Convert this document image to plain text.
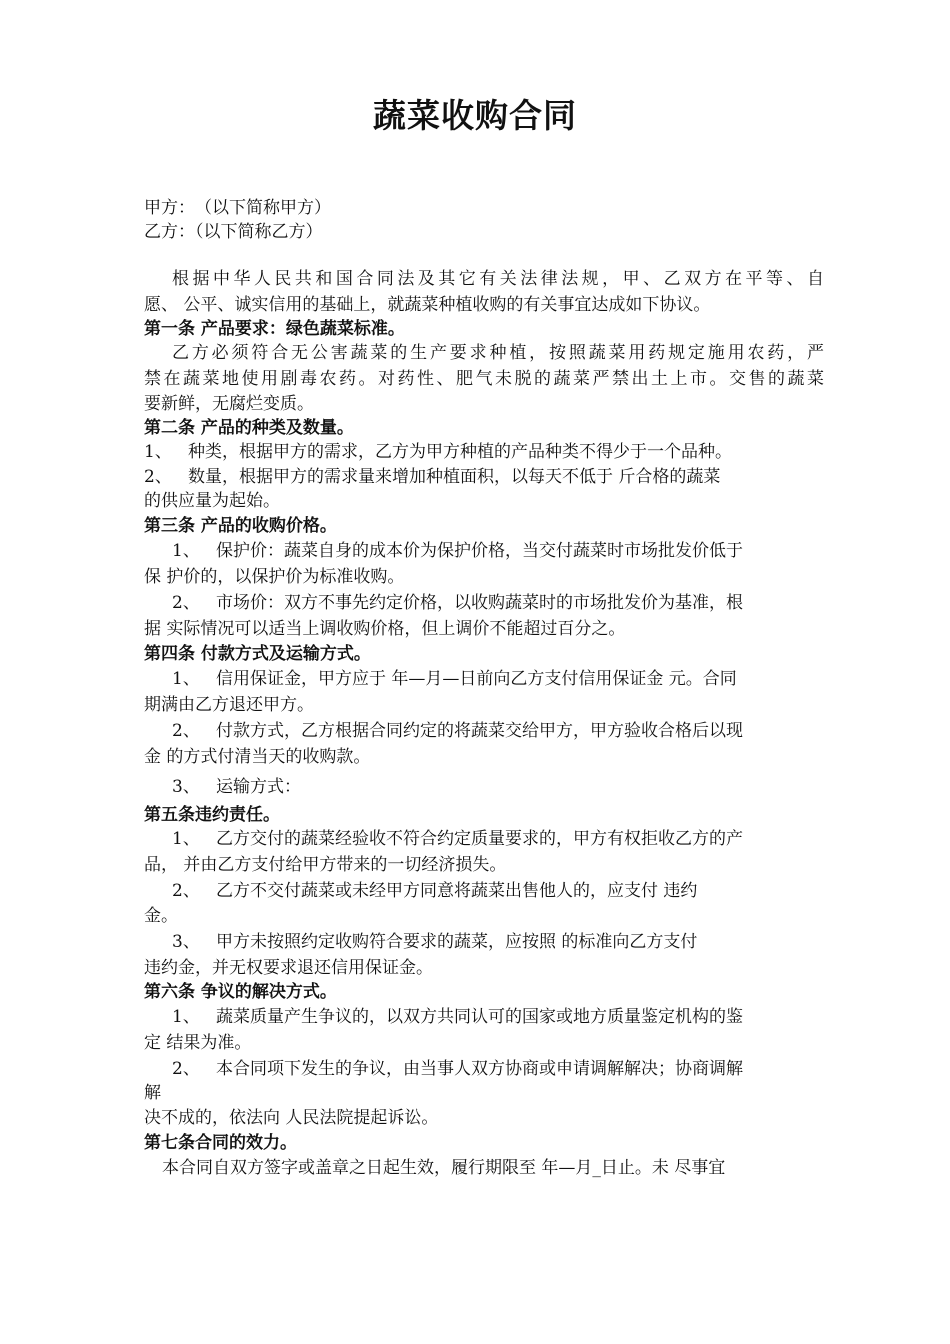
蔬菜收购合同
甲方：　（以下简称甲方）
乙方：（以下简称乙方）
根据中华人民共和国合同法及其它有关法律法规，甲、乙双方在平等、自
愿、 公平、诚实信用的基础上，就蔬菜种植收购的有关事宜达成如下协议。
第一条 产品要求：绿色蔬菜标准。
乙方必须符合无公害蔬菜的生产要求种植，按照蔬菜用药规定施用农药，严
禁在蔬菜地使用剧毒农药。对药性、肥气未脱的蔬菜严禁出土上市。交售的蔬菜
要新鲜，无腐烂变质。
第二条 产品的种类及数量。
1、 种类，根据甲方的需求，乙方为甲方种植的产品种类不得少于一个品种。
2、 数量，根据甲方的需求量来增加种植面积，以每天不低于 斤合格的蔬菜
的供应量为起始。
第三条 产品的收购价格。
1、 保护价：蔬菜自身的成本价为保护价格，当交付蔬菜时市场批发价低于
保 护价的，以保护价为标准收购。
2、 市场价：双方不事先约定价格，以收购蔬菜时的市场批发价为基准，根
据 实际情况可以适当上调收购价格，但上调价不能超过百分之。
第四条 付款方式及运输方式。
1、 信用保证金，甲方应于 年—月—日前向乙方支付信用保证金 元。合同
期满由乙方退还甲方。
2、 付款方式，乙方根据合同约定的将蔬菜交给甲方，甲方验收合格后以现
金 的方式付清当天的收购款。
3、 运输方式：
第五条违约责任。
1、 乙方交付的蔬菜经验收不符合约定质量要求的，甲方有权拒收乙方的产
品， 并由乙方支付给甲方带来的一切经济损失。
2、 乙方不交付蔬菜或未经甲方同意将蔬菜出售他人的，应支付 违约
金。
3、 甲方未按照约定收购符合要求的蔬菜，应按照 的标准向乙方支付
违约金，并无权要求退还信用保证金。
第六条 争议的解决方式。
1、 蔬菜质量产生争议的，以双方共同认可的国家或地方质量鉴定机构的鉴
定 结果为准。
2、 本合同项下发生的争议，由当事人双方协商或申请调解解决；协商调解
解
决不成的，依法向 人民法院提起诉讼。
第七条合同的效力。
本合同自双方签字或盖章之日起生效，履行期限至 年—月_日止。未 尽事宜
